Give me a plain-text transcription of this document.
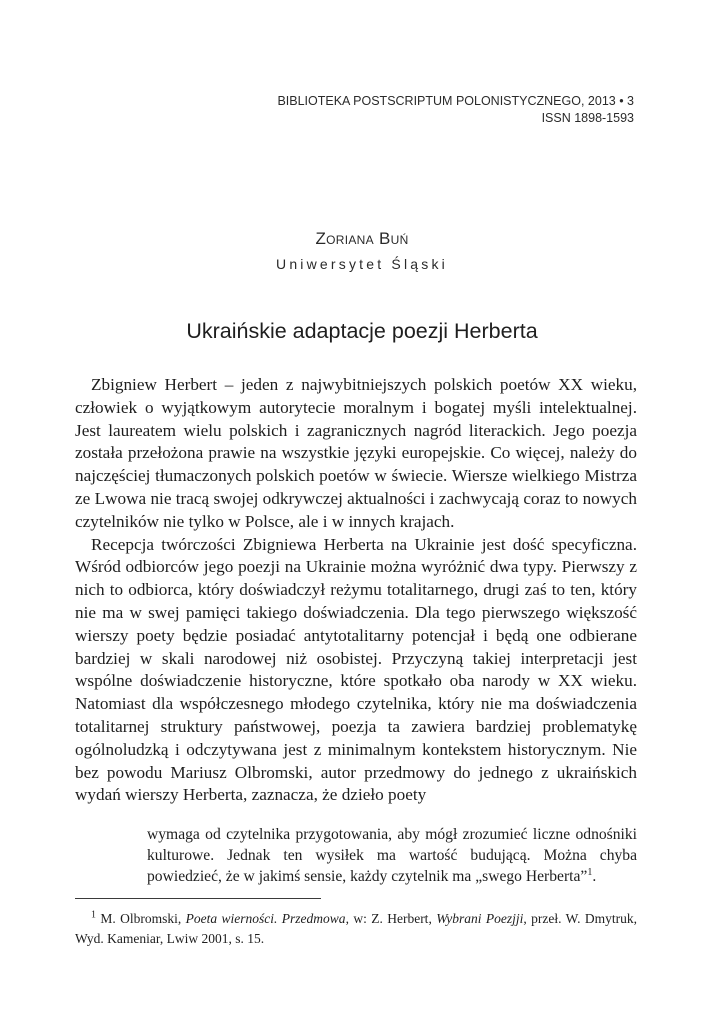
BIBLIOTEKA POSTSCRIPTUM POLONISTYCZNEGO, 2013 • 3
ISSN 1898-1593
Zoriana Buń
Uniwersytet Śląski
Ukraińskie adaptacje poezji Herberta

Zbigniew Herbert – jeden z najwybitniejszych polskich poetów XX wieku, człowiek o wyjątkowym autorytecie moralnym i bogatej myśli intelektualnej. Jest laureatem wielu polskich i zagranicznych nagród literackich. Jego poezja została przełożona prawie na wszystkie języki europejskie. Co więcej, należy do najczęściej tłumaczonych polskich poetów w świecie. Wiersze wielkiego Mistrza ze Lwowa nie tracą swojej odkrywczej aktualności i zachwycają coraz to nowych czytelników nie tylko w Polsce, ale i w innych krajach.

Recepcja twórczości Zbigniewa Herberta na Ukrainie jest dość specyficzna. Wśród odbiorców jego poezji na Ukrainie można wyróżnić dwa typy. Pierwszy z nich to odbiorca, który doświadczył reżymu totalitarnego, drugi zaś to ten, który nie ma w swej pamięci takiego doświadczenia. Dla tego pierwszego większość wierszy poety będzie posiadać antytotalitarny potencjał i będą one odbierane bardziej w skali narodowej niż osobistej. Przyczyną takiej interpretacji jest wspólne doświadczenie historyczne, które spotkało oba narody w XX wieku. Natomiast dla współczesnego młodego czytelnika, który nie ma doświadczenia totalitarnej struktury państwowej, poezja ta zawiera bardziej problematykę ogólnoludzką i odczytywana jest z minimalnym kontekstem historycznym. Nie bez powodu Mariusz Olbromski, autor przedmowy do jednego z ukraińskich wydań wierszy Herberta, zaznacza, że dzieło poety

wymaga od czytelnika przygotowania, aby mógł zrozumieć liczne odnośniki kulturowe. Jednak ten wysiłek ma wartość budującą. Można chyba powiedzieć, że w jakimś sensie, każdy czytelnik ma „swego Herberta”$^1$.

$^1$ M. Olbromski, Poeta wierności. Przedmowa, w: Z. Herbert, Wybrani Poezjji, przeł. W. Dmytruk, Wyd. Kameniar, Lwiw 2001, s. 15.
